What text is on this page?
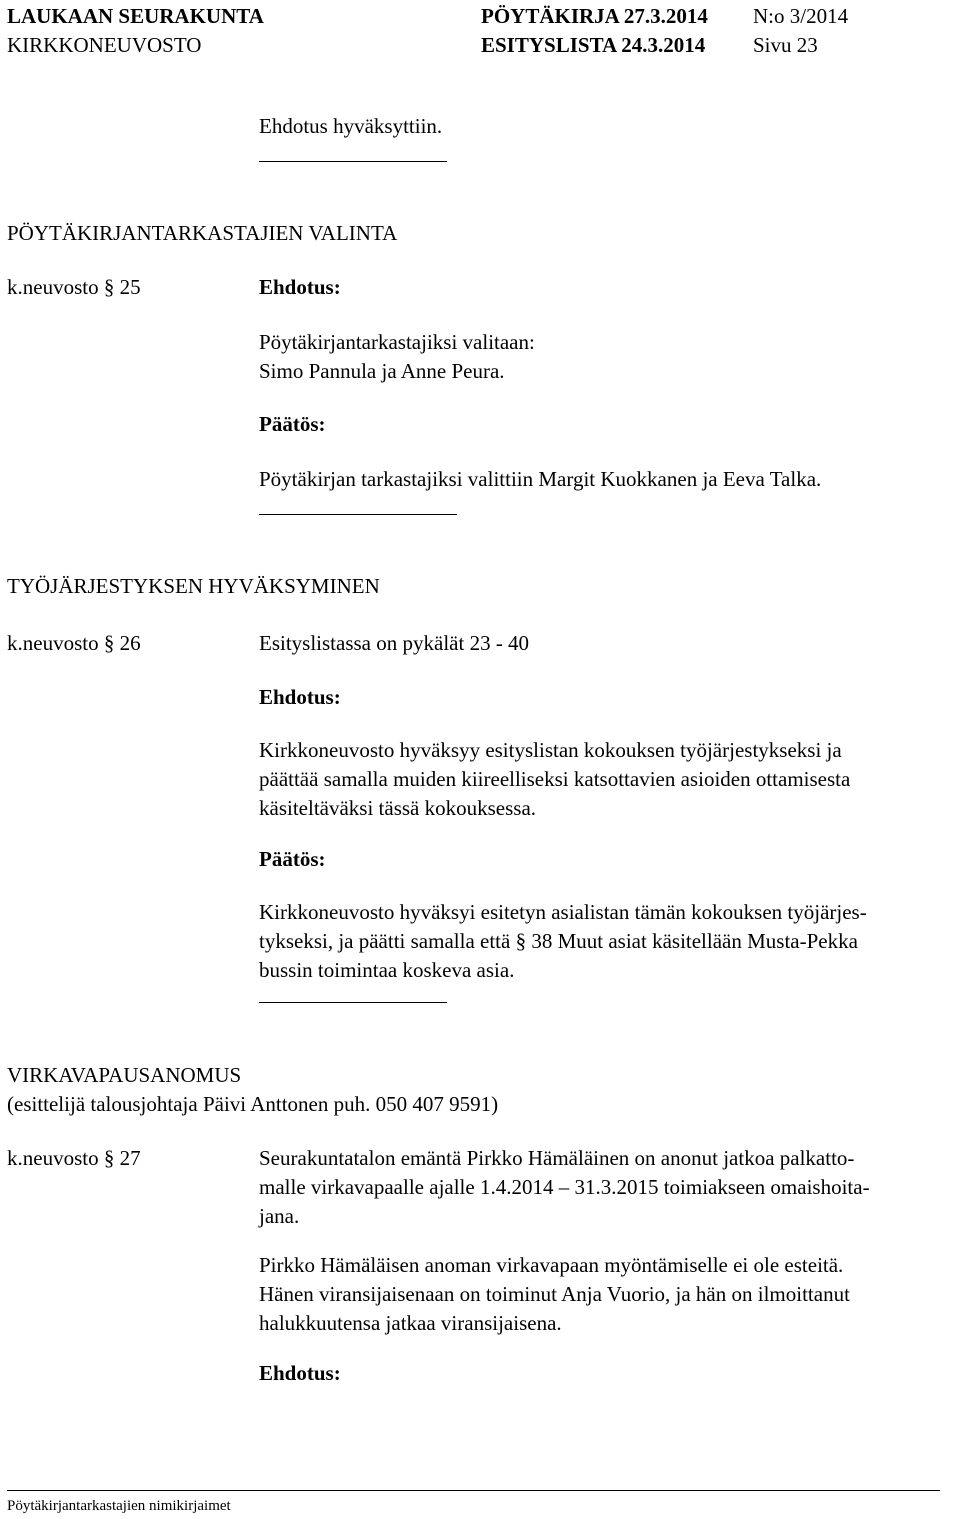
LAUKAAN SEURAKUNTA
KIRKKONEUVOSTO
PÖYTÄKIRJA 27.3.2014
ESITYSLISTA 24.3.2014
N:o 3/2014
Sivu 23
Ehdotus hyväksyttiin.
PÖYTÄKIRJANTARKASTAJIEN VALINTA
k.neuvosto § 25	Ehdotus:
Pöytäkirjantarkastajiksi valitaan:
Simo Pannula ja Anne Peura.
Päätös:
Pöytäkirjan tarkastajiksi valittiin Margit Kuokkanen ja Eeva Talka.
TYÖJÄRJESTYKSEN HYVÄKSYMINEN
k.neuvosto § 26	Esityslistassa on pykälät 23 - 40
Ehdotus:
Kirkkoneuvosto hyväksyy esityslistan kokouksen työjärjestykseksi ja
päättää samalla muiden kiireelliseksi katsottavien asioiden ottamisesta
käsiteltäväksi tässä kokouksessa.
Päätös:
Kirkkoneuvosto hyväksyi esitetyn asialistan tämän kokouksen työjärjes-
tykseksi, ja päätti samalla että § 38 Muut asiat käsitellään Musta-Pekka
bussin toimintaa koskeva asia.
VIRKAVAPAUSANOMUS
(esittelijä talousjohtaja Päivi Anttonen puh. 050 407 9591)
k.neuvosto § 27	Seurakuntatalon emäntä Pirkko Hämäläinen on anonut jatkoa palkatto-
malle virkavapaalle ajalle 1.4.2014 – 31.3.2015 toimiakseen omaishoita-
jana.
Pirkko Hämäläisen anoman virkavapaan myöntämiselle ei ole esteitä.
Hänen viransijaisenaan on toiminut Anja Vuorio, ja hän on ilmoittanut
halukkuutensa jatkaa viransijaisena.
Ehdotus:
Pöytäkirjantarkastajien nimikirjaimet
